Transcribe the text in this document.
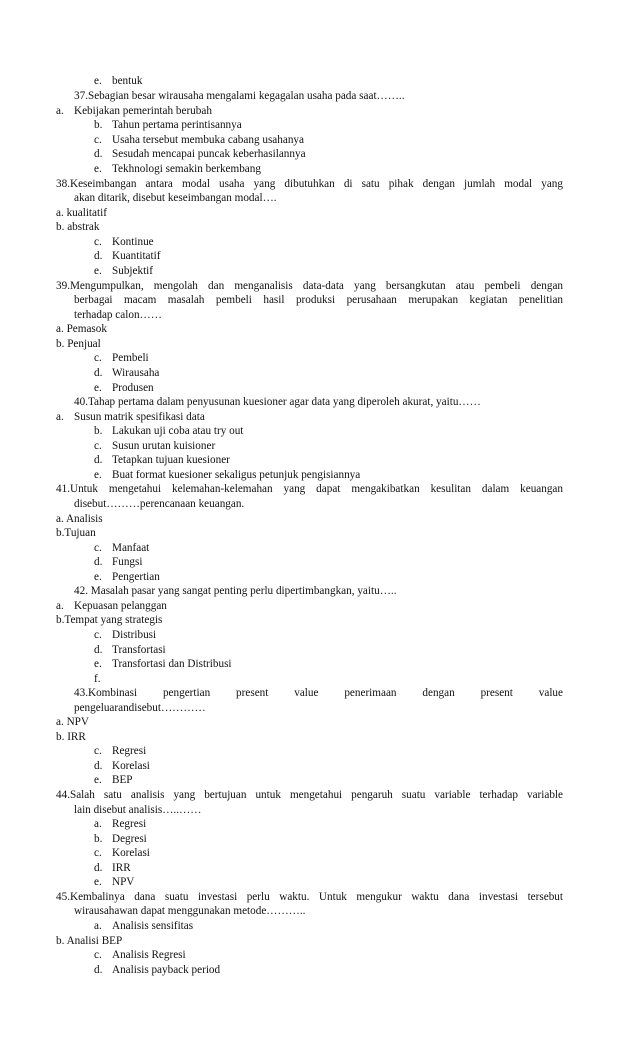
e. bentuk
37.Sebagian besar wirausaha mengalami kegagalan usaha pada saat……..
a. Kebijakan pemerintah berubah
b. Tahun pertama perintisannya
c. Usaha tersebut membuka cabang usahanya
d. Sesudah mencapai puncak keberhasilannya
e. Tekhnologi semakin berkembang
38.Keseimbangan antara modal usaha yang dibutuhkan di satu pihak dengan jumlah modal yang
akan ditarik, disebut keseimbangan modal….
a. kualitatif
b. abstrak
c. Kontinue
d. Kuantitatif
e. Subjektif
39.Mengumpulkan, mengolah dan menganalisis data-data yang bersangkutan atau pembeli dengan
berbagai macam masalah pembeli hasil produksi perusahaan merupakan kegiatan penelitian
terhadap calon……
a. Pemasok
b. Penjual
c. Pembeli
d. Wirausaha
e. Produsen
40.Tahap pertama dalam penyusunan kuesioner agar data yang diperoleh akurat, yaitu……
a. Susun matrik spesifikasi data
b. Lakukan uji coba atau try out
c. Susun urutan kuisioner
d. Tetapkan tujuan kuesioner
e. Buat format kuesioner sekaligus petunjuk pengisiannya
41.Untuk mengetahui kelemahan-kelemahan yang dapat mengakibatkan kesulitan dalam keuangan
disebut………perencanaan keuangan.
a. Analisis
b.Tujuan
c. Manfaat
d. Fungsi
e. Pengertian
42. Masalah pasar yang sangat penting perlu dipertimbangkan, yaitu…..
a. Kepuasan pelanggan
b.Tempat yang strategis
c. Distribusi
d. Transfortasi
e. Transfortasi dan Distribusi
f.
43.Kombinasi pengertian present value penerimaan dengan present value
pengeluarandisebut…………
a. NPV
b. IRR
c. Regresi
d. Korelasi
e. BEP
44.Salah satu analisis yang bertujuan untuk mengetahui pengaruh suatu variable terhadap variable
lain disebut analisis…..……
a. Regresi
b. Degresi
c. Korelasi
d. IRR
e. NPV
45.Kembalinya dana suatu investasi perlu waktu. Untuk mengukur waktu dana investasi tersebut
wirausahawan dapat menggunakan metode………..
a. Analisis sensifitas
b. Analisi BEP
c. Analisis Regresi
d. Analisis payback period
